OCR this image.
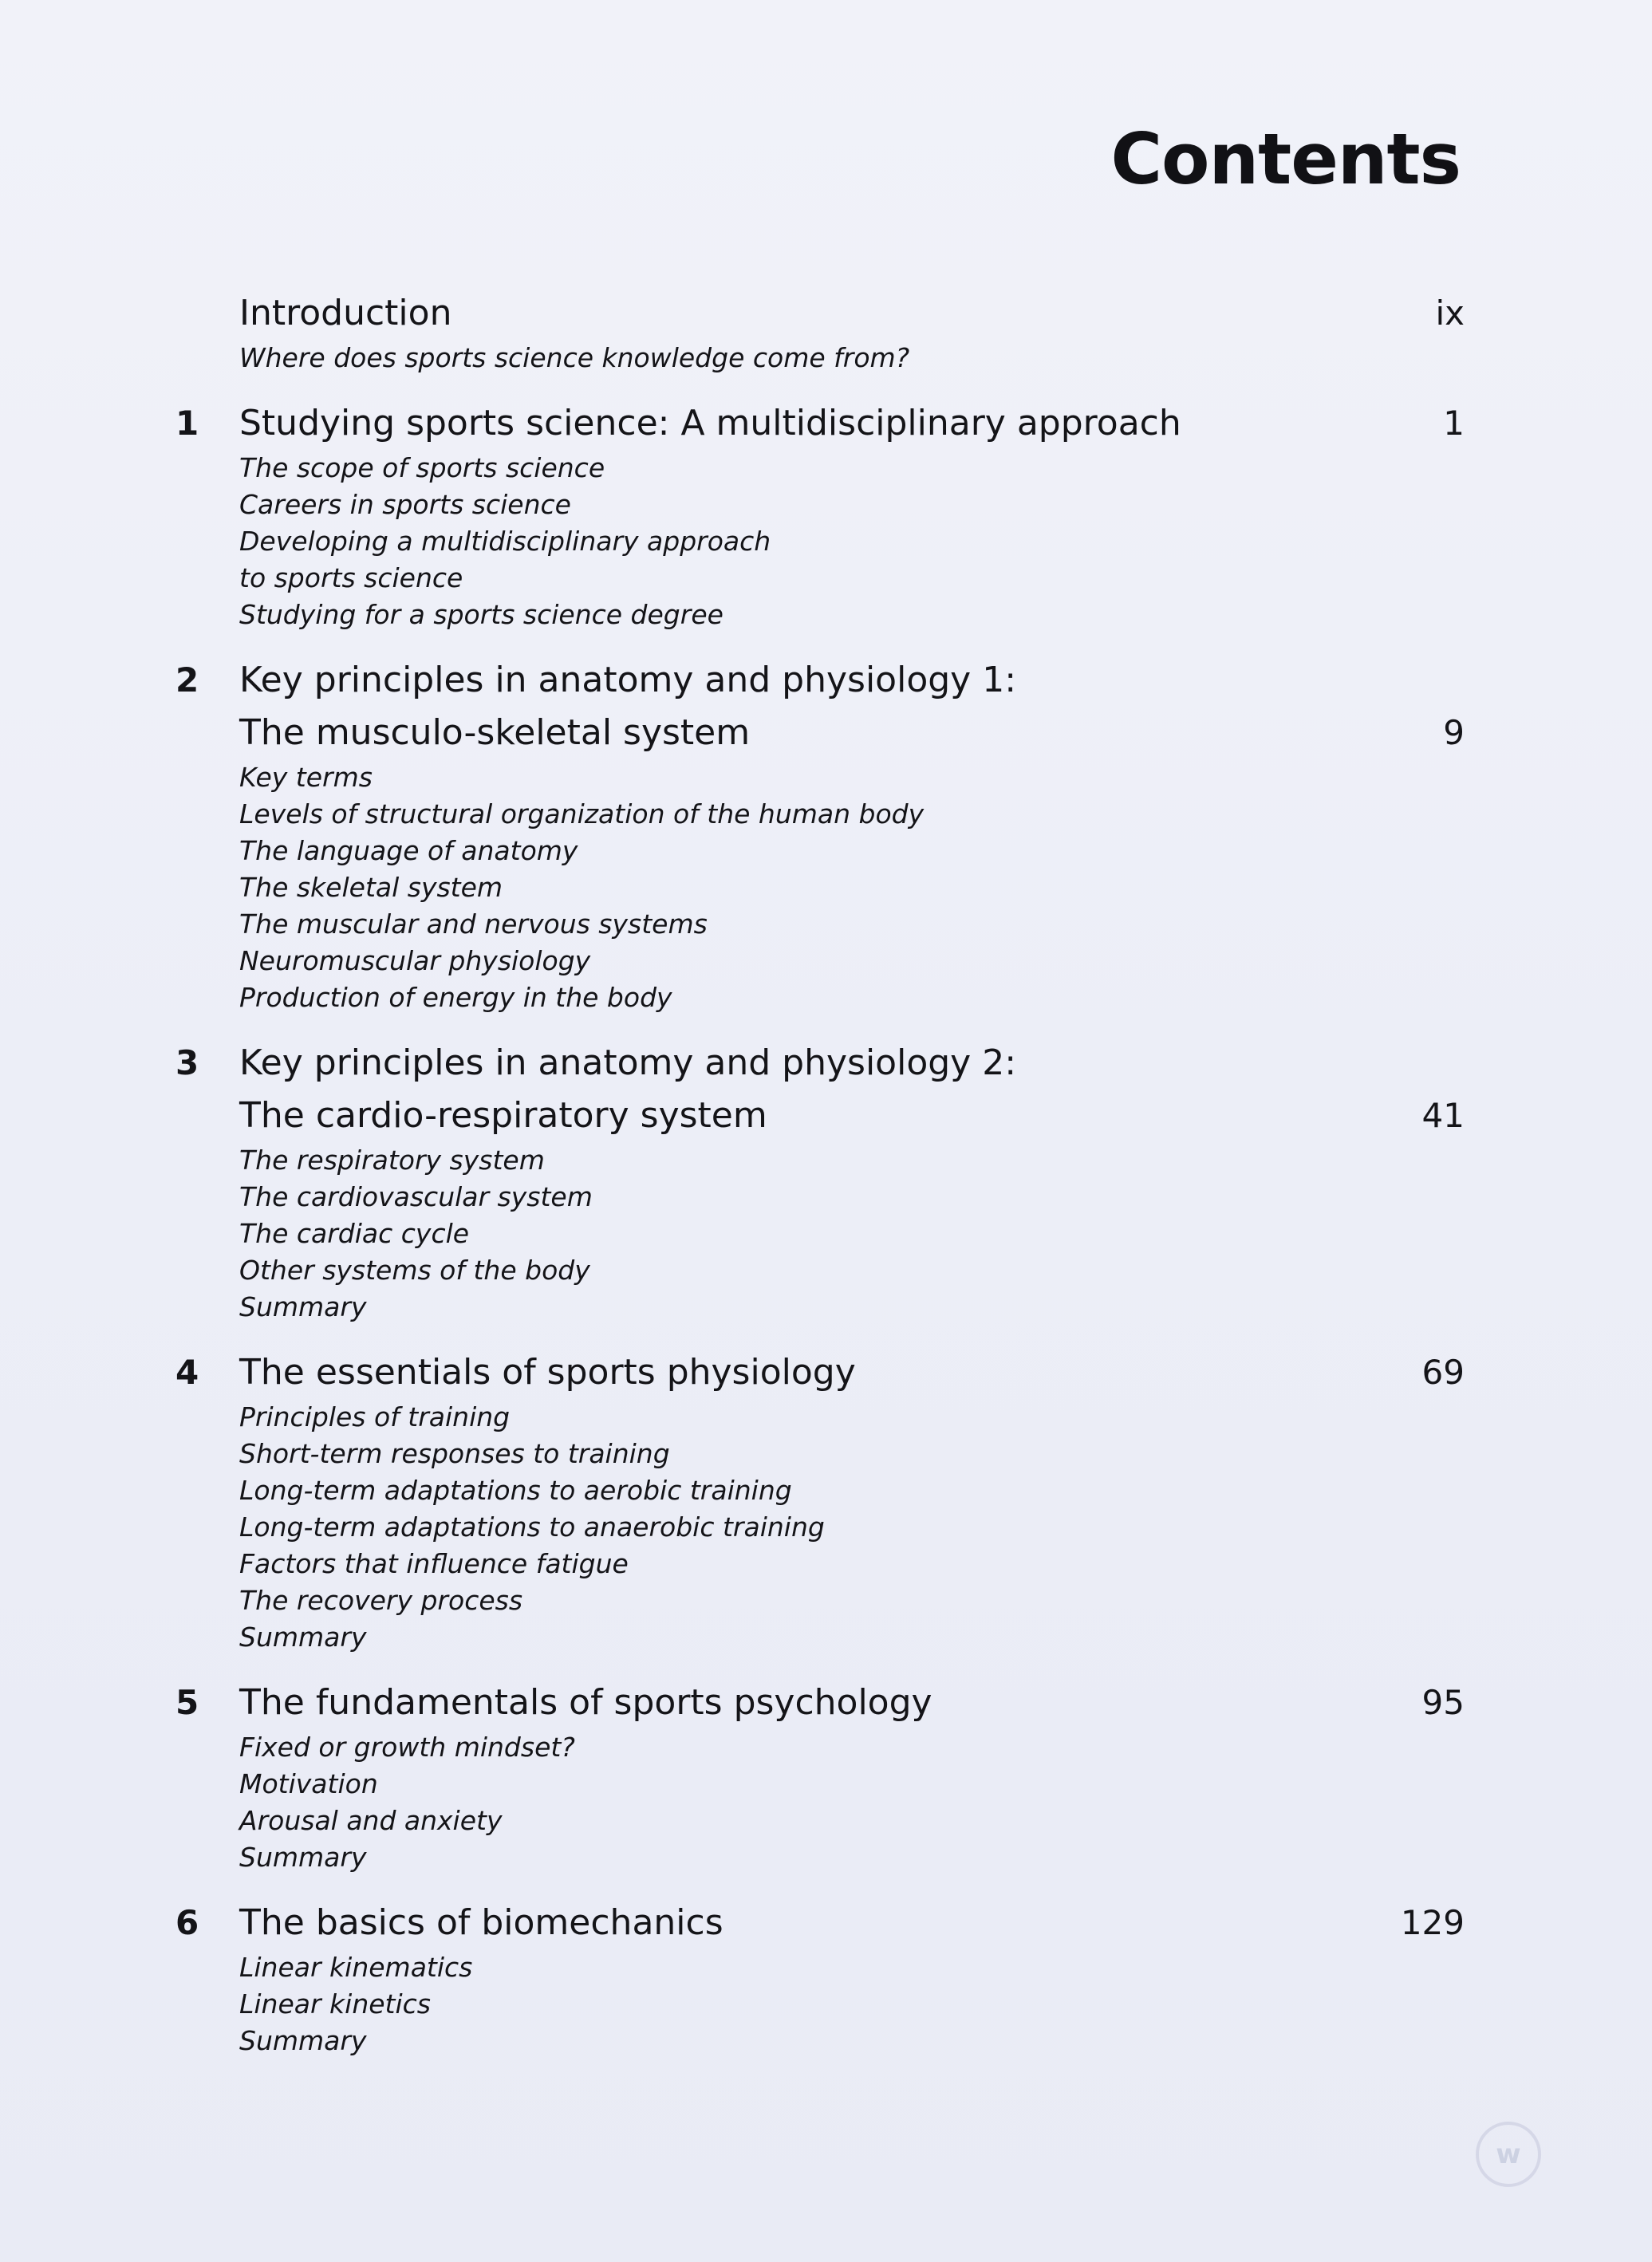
Contents
Introduction	ix
Where does sports science knowledge come from?
1	Studying sports science: A multidisciplinary approach	1
The scope of sports science
Careers in sports science
Developing a multidisciplinary approach
to sports science
Studying for a sports science degree
2	Key principles in anatomy and physiology 1:
The musculo-skeletal system	9
Key terms
Levels of structural organization of the human body
The language of anatomy
The skeletal system
The muscular and nervous systems
Neuromuscular physiology
Production of energy in the body
3	Key principles in anatomy and physiology 2:
The cardio-respiratory system	41
The respiratory system
The cardiovascular system
The cardiac cycle
Other systems of the body
Summary
4	The essentials of sports physiology	69
Principles of training
Short-term responses to training
Long-term adaptations to aerobic training
Long-term adaptations to anaerobic training
Factors that influence fatigue
The recovery process
Summary
5	The fundamentals of sports psychology	95
Fixed or growth mindset?
Motivation
Arousal and anxiety
Summary
6	The basics of biomechanics	129
Linear kinematics
Linear kinetics
Summary
w
